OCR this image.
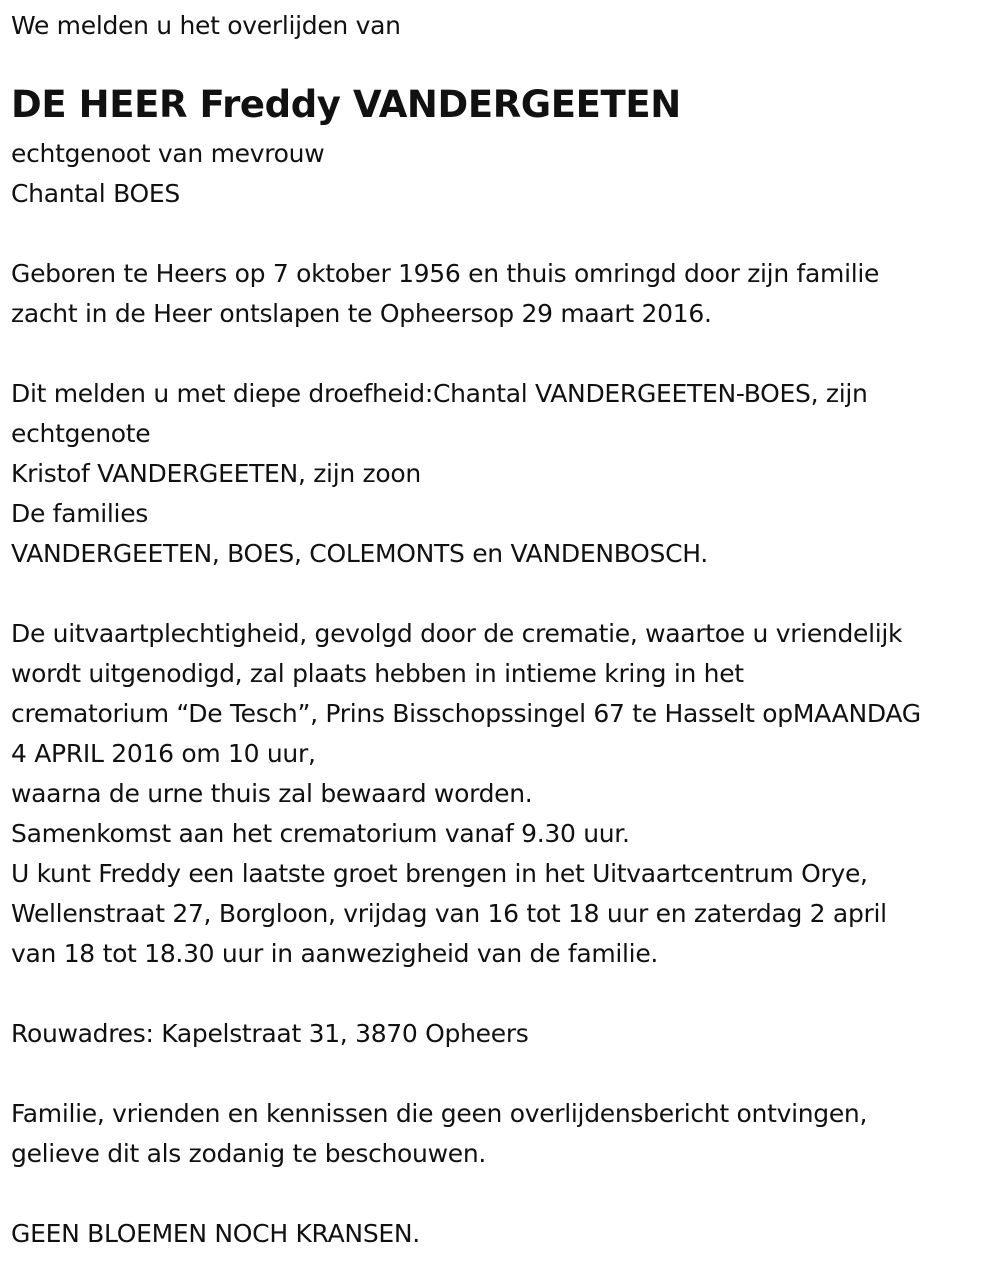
We melden u het overlijden van
DE HEER Freddy VANDERGEETEN
echtgenoot van mevrouw
Chantal BOES
Geboren te Heers op 7 oktober 1956 en thuis omringd door zijn familie
zacht in de Heer ontslapen te Opheersop 29 maart 2016.
Dit melden u met diepe droefheid:Chantal VANDERGEETEN-BOES, zijn
echtgenote
Kristof VANDERGEETEN, zijn zoon
De families
VANDERGEETEN, BOES, COLEMONTS en VANDENBOSCH.
De uitvaartplechtigheid, gevolgd door de crematie, waartoe u vriendelijk
wordt uitgenodigd, zal plaats hebben in intieme kring in het
crematorium “De Tesch”, Prins Bisschopssingel 67 te Hasselt opMAANDAG
4 APRIL 2016 om 10 uur,
waarna de urne thuis zal bewaard worden.
Samenkomst aan het crematorium vanaf 9.30 uur.
U kunt Freddy een laatste groet brengen in het Uitvaartcentrum Orye,
Wellenstraat 27, Borgloon, vrijdag van 16 tot 18 uur en zaterdag 2 april
van 18 tot 18.30 uur in aanwezigheid van de familie.
Rouwadres: Kapelstraat 31, 3870 Opheers
Familie, vrienden en kennissen die geen overlijdensbericht ontvingen,
gelieve dit als zodanig te beschouwen.
GEEN BLOEMEN NOCH KRANSEN.
